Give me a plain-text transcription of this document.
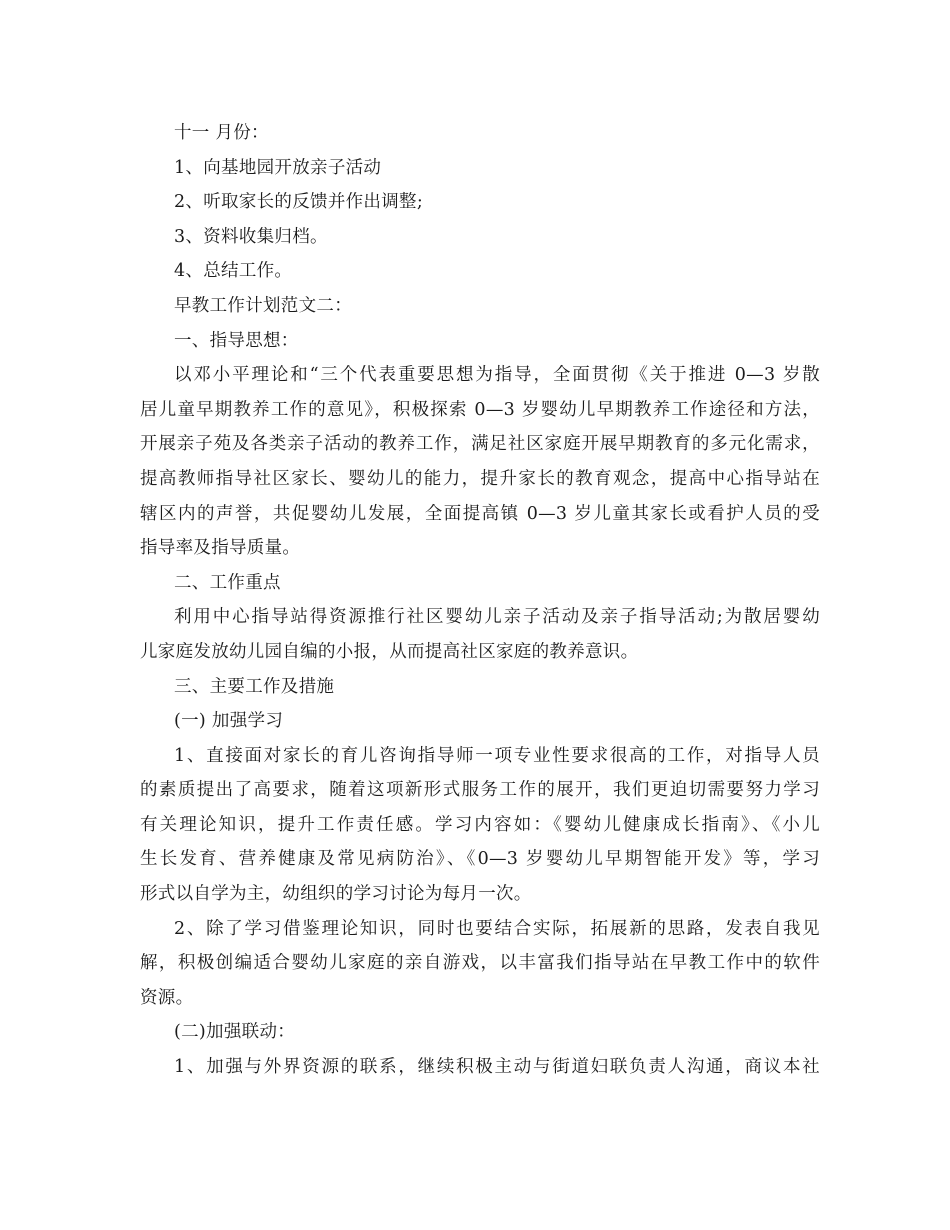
十一 月份：
1、向基地园开放亲子活动
2、听取家长的反馈并作出调整;
3、资料收集归档。
4、总结工作。
早教工作计划范文二：
一、指导思想：
以邓小平理论和“三个代表重要思想为指导，全面贯彻《关于推进 0—3 岁散
居儿童早期教养工作的意见》，积极探索 0—3 岁婴幼儿早期教养工作途径和方法，
开展亲子苑及各类亲子活动的教养工作，满足社区家庭开展早期教育的多元化需求，
提高教师指导社区家长、婴幼儿的能力，提升家长的教育观念，提高中心指导站在
辖区内的声誉，共促婴幼儿发展，全面提高镇 0—3 岁儿童其家长或看护人员的受
指导率及指导质量。
二、工作重点
利用中心指导站得资源推行社区婴幼儿亲子活动及亲子指导活动;为散居婴幼
儿家庭发放幼儿园自编的小报，从而提高社区家庭的教养意识。
三、主要工作及措施
(一) 加强学习
1、直接面对家长的育儿咨询指导师一项专业性要求很高的工作，对指导人员
的素质提出了高要求，随着这项新形式服务工作的展开，我们更迫切需要努力学习
有关理论知识，提升工作责任感。学习内容如：《婴幼儿健康成长指南》、《小儿
生长发育、营养健康及常见病防治》、《0—3 岁婴幼儿早期智能开发》等，学习
形式以自学为主，幼组织的学习讨论为每月一次。
2、除了学习借鉴理论知识，同时也要结合实际，拓展新的思路，发表自我见
解，积极创编适合婴幼儿家庭的亲自游戏，以丰富我们指导站在早教工作中的软件
资源。
(二)加强联动：
1、加强与外界资源的联系，继续积极主动与街道妇联负责人沟通，商议本社
